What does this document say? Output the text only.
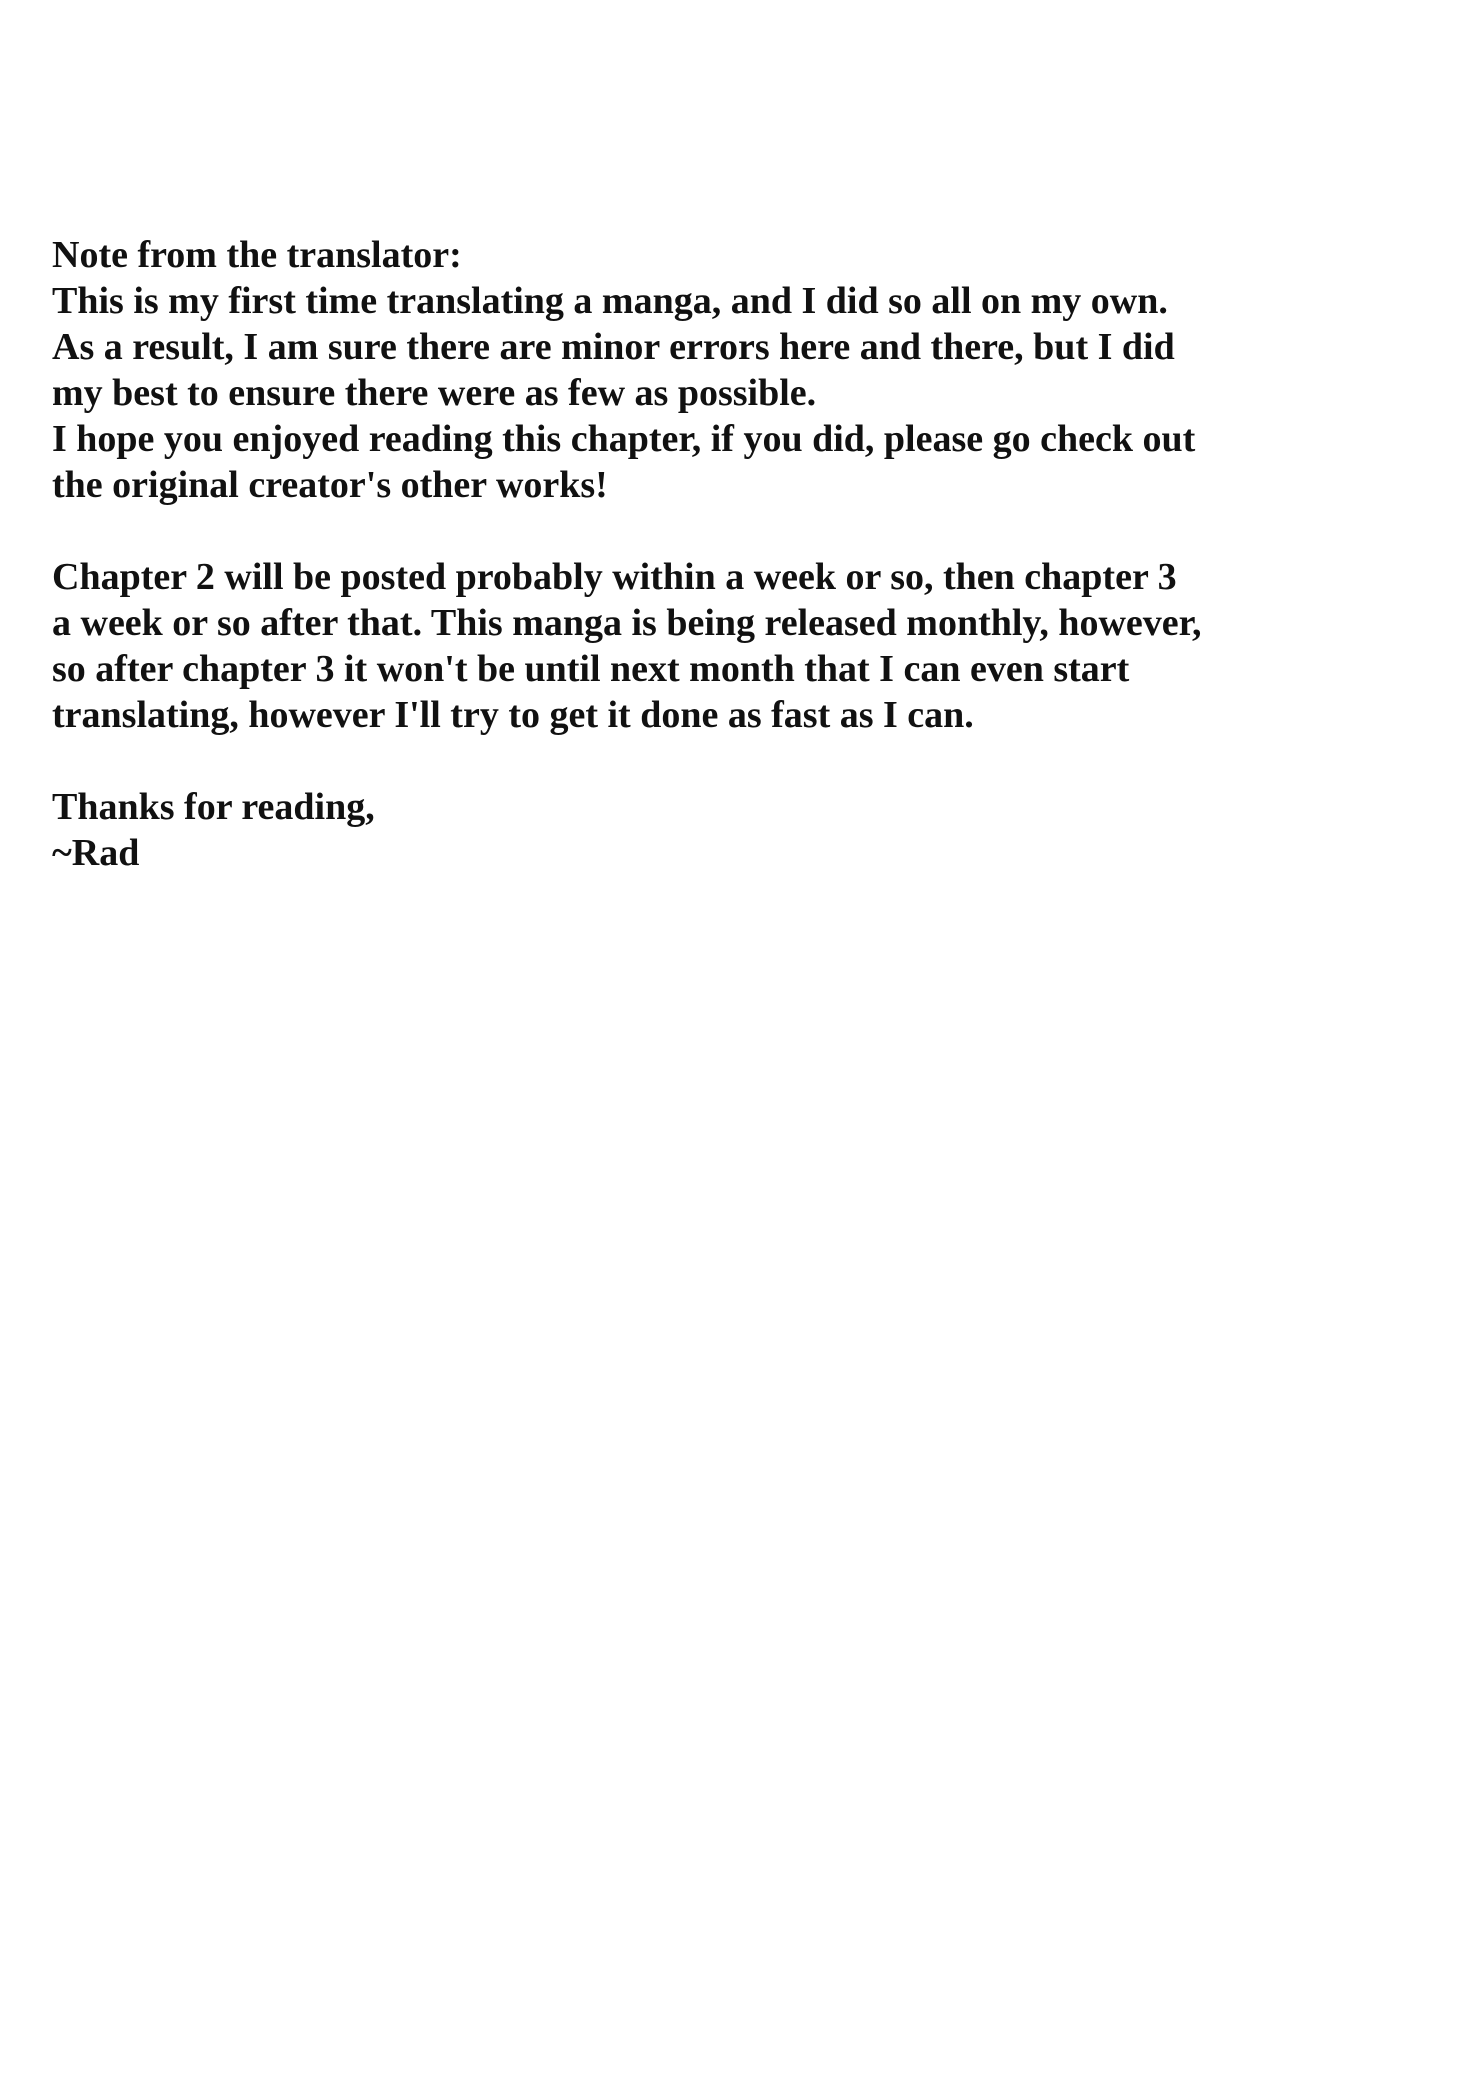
Note from the translator:
This is my first time translating a manga, and I did so all on my own.
As a result, I am sure there are minor errors here and there, but I did
my best to ensure there were as few as possible.
I hope you enjoyed reading this chapter, if you did, please go check out
the original creator's other works!
Chapter 2 will be posted probably within a week or so, then chapter 3
a week or so after that. This manga is being released monthly, however,
so after chapter 3 it won't be until next month that I can even start
translating, however I'll try to get it done as fast as I can.
Thanks for reading,
~Rad
